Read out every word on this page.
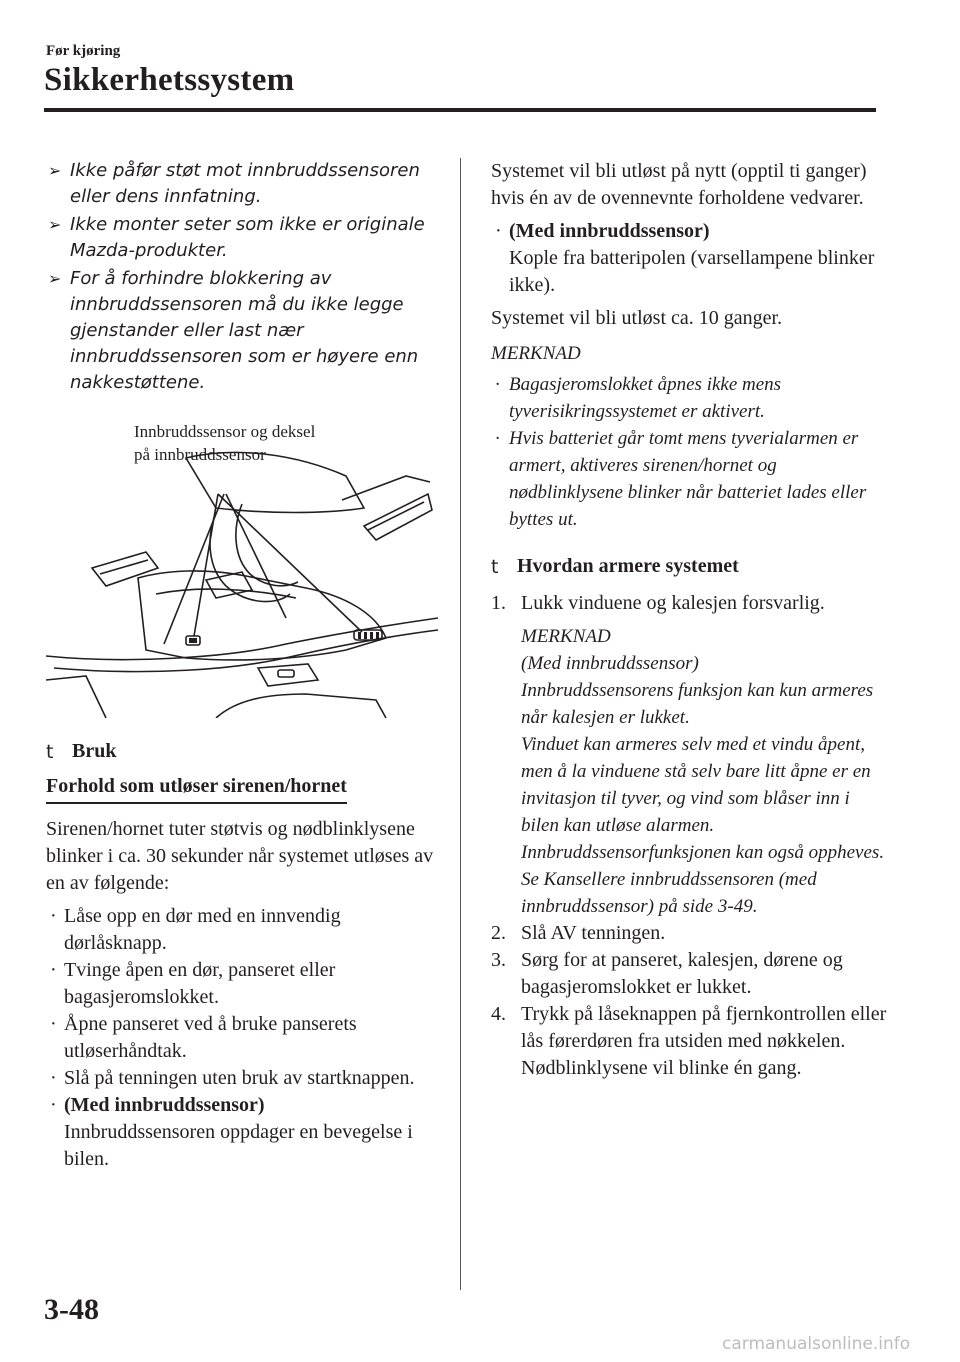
Før kjøring
Sikkerhetssystem
➢ Ikke påfør støt mot innbruddssensoren eller dens innfatning.
➢ Ikke monter seter som ikke er originale Mazda-produkter.
➢ For å forhindre blokkering av innbruddssensoren må du ikke legge gjenstander eller last nær innbruddssensoren som er høyere enn nakkestøttene.
Innbruddssensor og deksel
på innbruddssensor
t Bruk
Forhold som utløser sirenen/hornet

Sirenen/hornet tuter støtvis og nødblinklysene blinker i ca. 30 sekunder når systemet utløses av en av følgende:

· Låse opp en dør med en innvendig dørlåsknapp.
· Tvinge åpen en dør, panseret eller bagasjeromslokket.
· Åpne panseret ved å bruke panserets utløserhåndtak.
· Slå på tenningen uten bruk av startknappen.
· (Med innbruddssensor)
Innbruddssensoren oppdager en bevegelse i bilen.

Systemet vil bli utløst på nytt (opptil ti ganger) hvis én av de ovennevnte forholdene vedvarer.

· (Med innbruddssensor)
Kople fra batteripolen (varsellampene blinker ikke).

Systemet vil bli utløst ca. 10 ganger.

MERKNAD
· Bagasjeromslokket åpnes ikke mens tyverisikringssystemet er aktivert.
· Hvis batteriet går tomt mens tyverialarmen er armert, aktiveres sirenen/hornet og nødblinklysene blinker når batteriet lades eller byttes ut.
t Hvordan armere systemet
1. Lukk vinduene og kalesjen forsvarlig.
MERKNAD
(Med innbruddssensor)
Innbruddssensorens funksjon kan kun armeres når kalesjen er lukket.
Vinduet kan armeres selv med et vindu åpent, men å la vinduene stå selv bare litt åpne er en invitasjon til tyver, og vind som blåser inn i bilen kan utløse alarmen.
Innbruddssensorfunksjonen kan også oppheves.
Se Kansellere innbruddssensoren (med innbruddssensor) på side 3-49.
2. Slå AV tenningen.
3. Sørg for at panseret, kalesjen, dørene og bagasjeromslokket er lukket.
4. Trykk på låseknappen på fjernkontrollen eller lås førerdøren fra utsiden med nøkkelen.
Nødblinklysene vil blinke én gang.
3-48
carmanualsonline.info
